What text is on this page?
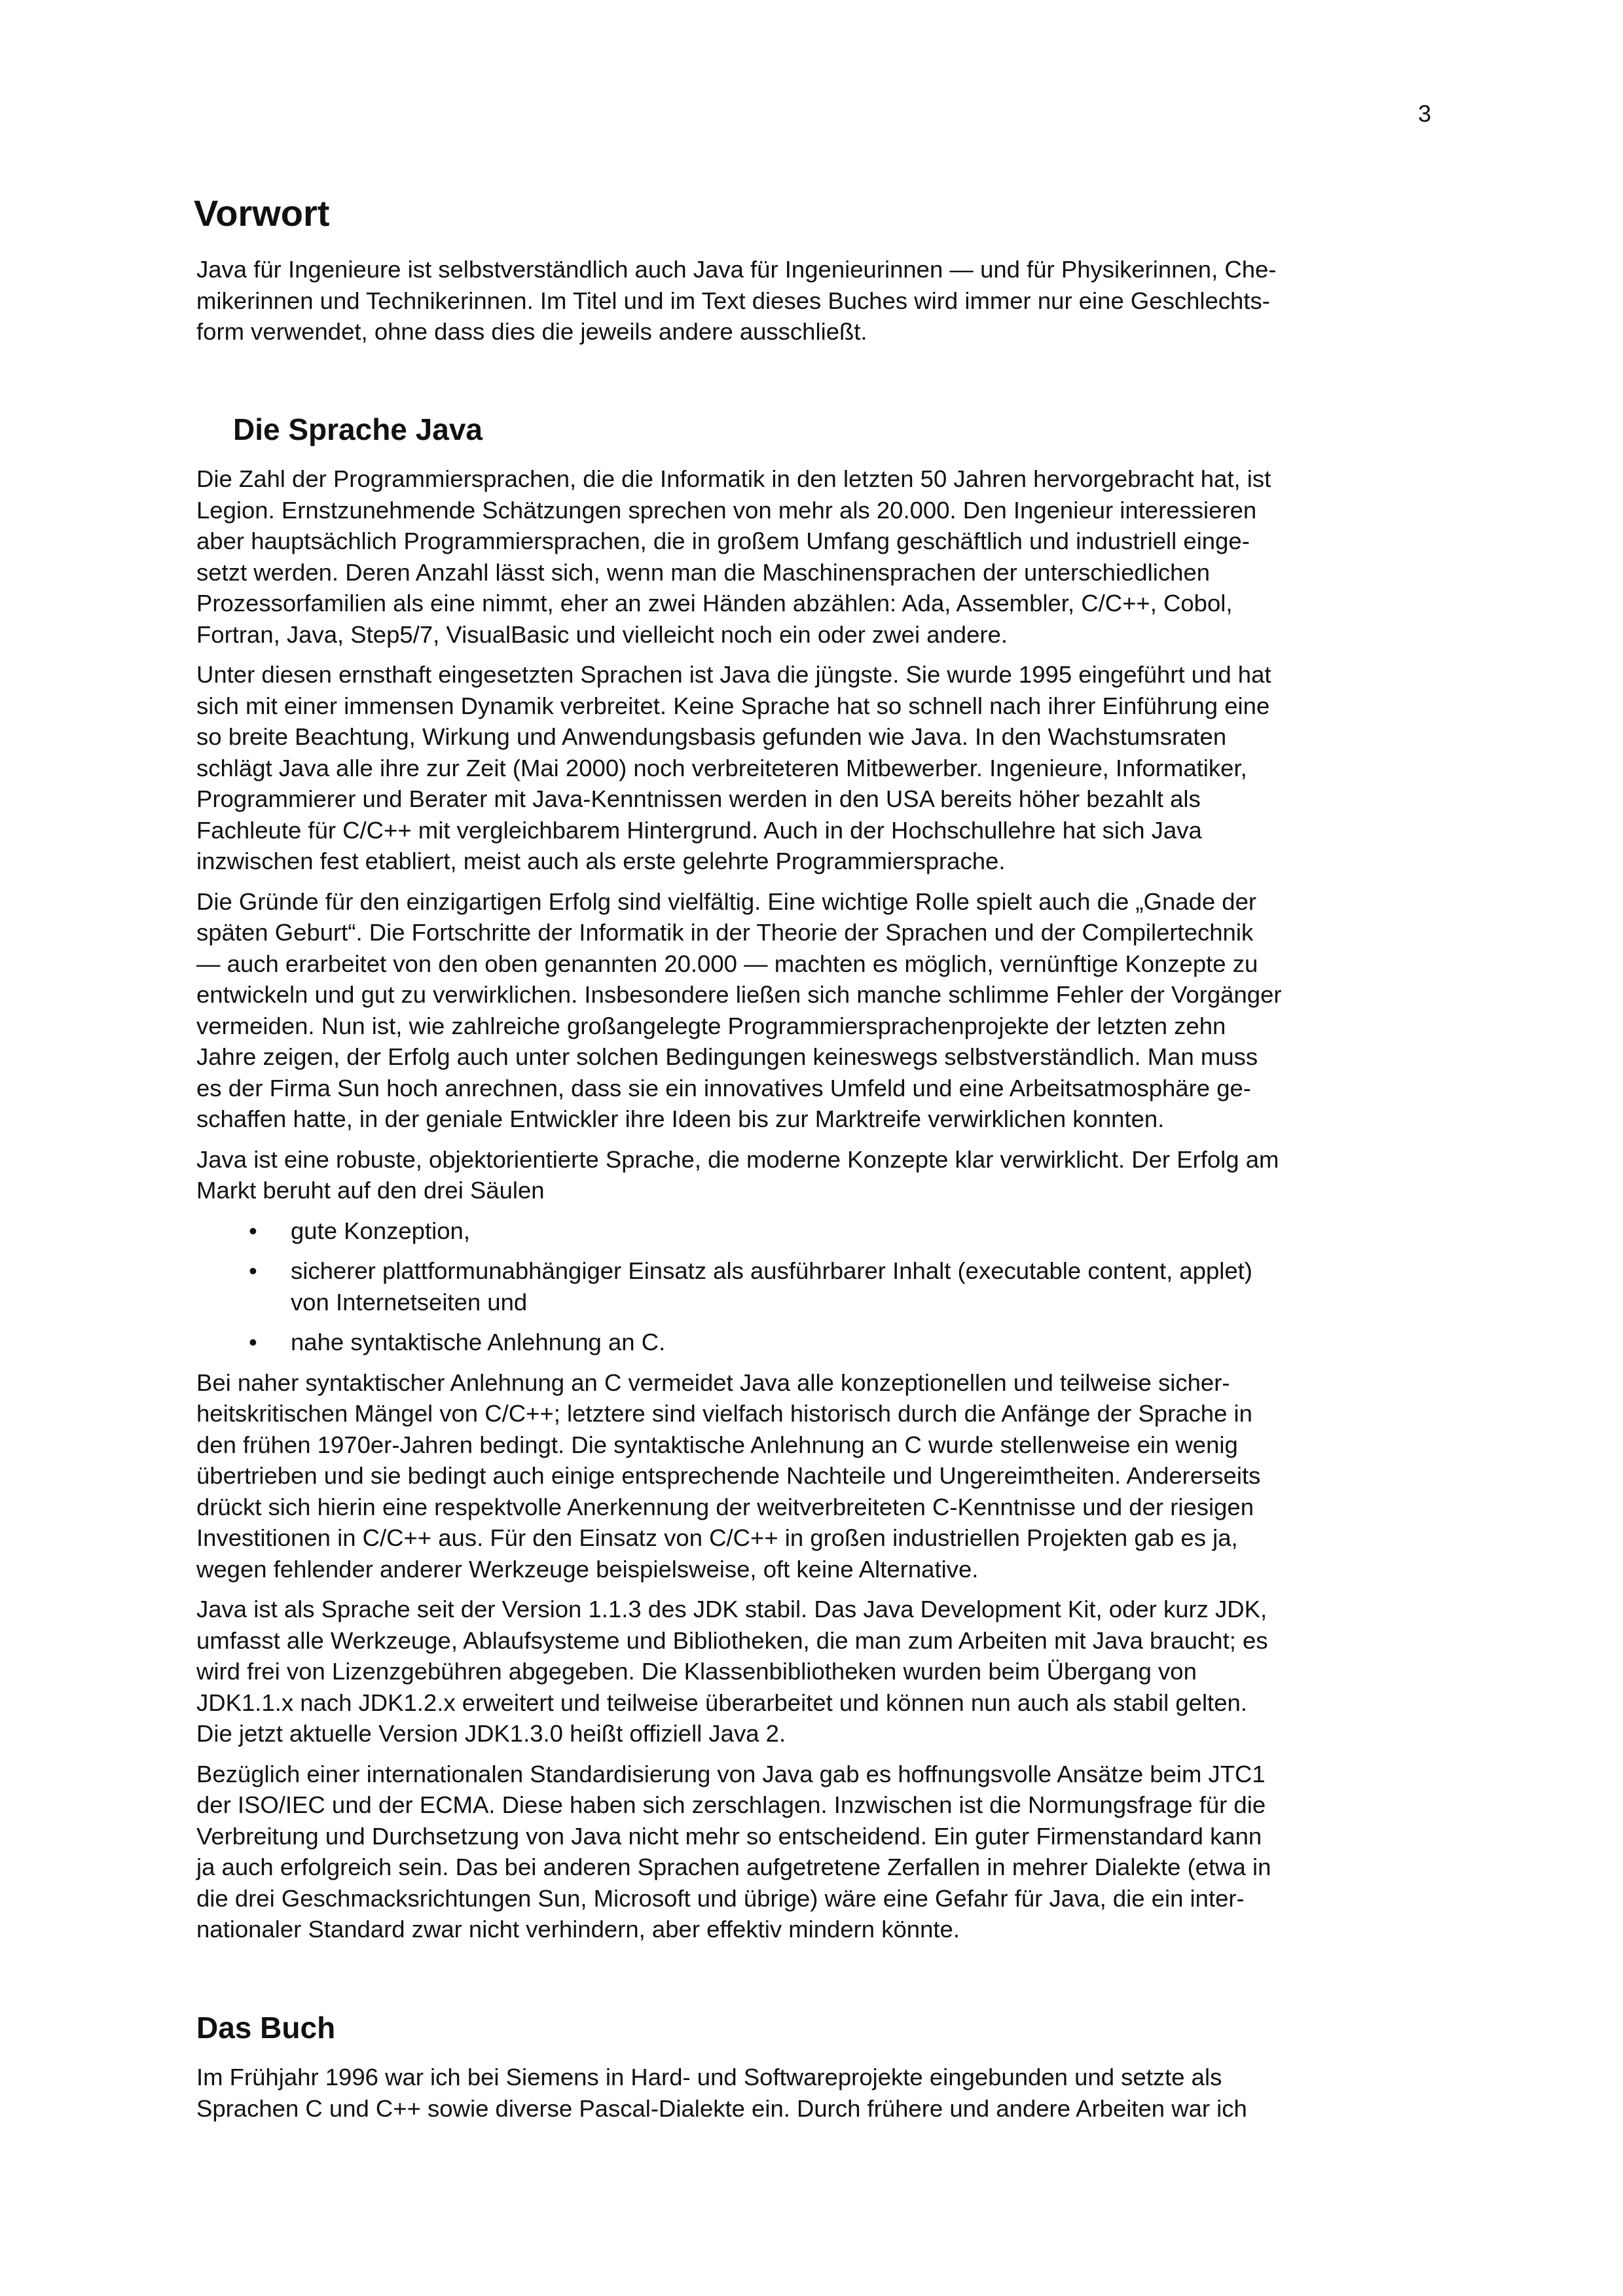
3
Vorwort

Java für Ingenieure ist selbstverständlich auch Java für Ingenieurinnen — und für Physikerinnen, Che-
mikerinnen und Technikerinnen. Im Titel und im Text dieses Buches wird immer nur eine Geschlechts-
form verwendet, ohne dass dies die jeweils andere ausschließt.

Die Sprache Java

Die Zahl der Programmiersprachen, die die Informatik in den letzten 50 Jahren hervorgebracht hat, ist
Legion. Ernstzunehmende Schätzungen sprechen von mehr als 20.000. Den Ingenieur interessieren
aber hauptsächlich Programmiersprachen, die in großem Umfang geschäftlich und industriell einge-
setzt werden. Deren Anzahl lässt sich, wenn man die Maschinensprachen der unterschiedlichen
Prozessorfamilien als eine nimmt, eher an zwei Händen abzählen: Ada, Assembler, C/C++, Cobol,
Fortran, Java, Step5/7, VisualBasic und vielleicht noch ein oder zwei andere.

Unter diesen ernsthaft eingesetzten Sprachen ist Java die jüngste. Sie wurde 1995 eingeführt und hat
sich mit einer immensen Dynamik verbreitet. Keine Sprache hat so schnell nach ihrer Einführung eine
so breite Beachtung, Wirkung und Anwendungsbasis gefunden wie Java. In den Wachstumsraten
schlägt Java alle ihre zur Zeit (Mai 2000) noch verbreiteteren Mitbewerber. Ingenieure, Informatiker,
Programmierer und Berater mit Java-Kenntnissen werden in den USA bereits höher bezahlt als
Fachleute für C/C++ mit vergleichbarem Hintergrund. Auch in der Hochschullehre hat sich Java
inzwischen fest etabliert, meist auch als erste gelehrte Programmiersprache.

Die Gründe für den einzigartigen Erfolg sind vielfältig. Eine wichtige Rolle spielt auch die „Gnade der
späten Geburt“. Die Fortschritte der Informatik in der Theorie der Sprachen und der Compilertechnik
— auch erarbeitet von den oben genannten 20.000 — machten es möglich, vernünftige Konzepte zu
entwickeln und gut zu verwirklichen. Insbesondere ließen sich manche schlimme Fehler der Vorgänger
vermeiden. Nun ist, wie zahlreiche großangelegte Programmiersprachenprojekte der letzten zehn
Jahre zeigen, der Erfolg auch unter solchen Bedingungen keineswegs selbstverständlich. Man muss
es der Firma Sun hoch anrechnen, dass sie ein innovatives Umfeld und eine Arbeitsatmosphäre ge-
schaffen hatte, in der geniale Entwickler ihre Ideen bis zur Marktreife verwirklichen konnten.

Java ist eine robuste, objektorientierte Sprache, die moderne Konzepte klar verwirklicht. Der Erfolg am
Markt beruht auf den drei Säulen

• gute Konzeption,
• sicherer plattformunabhängiger Einsatz als ausführbarer Inhalt (executable content, applet)
von Internetseiten und
• nahe syntaktische Anlehnung an C.

Bei naher syntaktischer Anlehnung an C vermeidet Java alle konzeptionellen und teilweise sicher-
heitskritischen Mängel von C/C++; letztere sind vielfach historisch durch die Anfänge der Sprache in
den frühen 1970er-Jahren bedingt. Die syntaktische Anlehnung an C wurde stellenweise ein wenig
übertrieben und sie bedingt auch einige entsprechende Nachteile und Ungereimtheiten. Andererseits
drückt sich hierin eine respektvolle Anerkennung der weitverbreiteten C-Kenntnisse und der riesigen
Investitionen in C/C++ aus. Für den Einsatz von C/C++ in großen industriellen Projekten gab es ja,
wegen fehlender anderer Werkzeuge beispielsweise, oft keine Alternative.

Java ist als Sprache seit der Version 1.1.3 des JDK stabil. Das Java Development Kit, oder kurz JDK,
umfasst alle Werkzeuge, Ablaufsysteme und Bibliotheken, die man zum Arbeiten mit Java braucht; es
wird frei von Lizenzgebühren abgegeben. Die Klassenbibliotheken wurden beim Übergang von
JDK1.1.x nach JDK1.2.x erweitert und teilweise überarbeitet und können nun auch als stabil gelten.
Die jetzt aktuelle Version JDK1.3.0 heißt offiziell Java 2.

Bezüglich einer internationalen Standardisierung von Java gab es hoffnungsvolle Ansätze beim JTC1
der ISO/IEC und der ECMA. Diese haben sich zerschlagen. Inzwischen ist die Normungsfrage für die
Verbreitung und Durchsetzung von Java nicht mehr so entscheidend. Ein guter Firmenstandard kann
ja auch erfolgreich sein. Das bei anderen Sprachen aufgetretene Zerfallen in mehrer Dialekte (etwa in
die drei Geschmacksrichtungen Sun, Microsoft und übrige) wäre eine Gefahr für Java, die ein inter-
nationaler Standard zwar nicht verhindern, aber effektiv mindern könnte.

Das Buch

Im Frühjahr 1996 war ich bei Siemens in Hard- und Softwareprojekte eingebunden und setzte als
Sprachen C und C++ sowie diverse Pascal-Dialekte ein. Durch frühere und andere Arbeiten war ich
